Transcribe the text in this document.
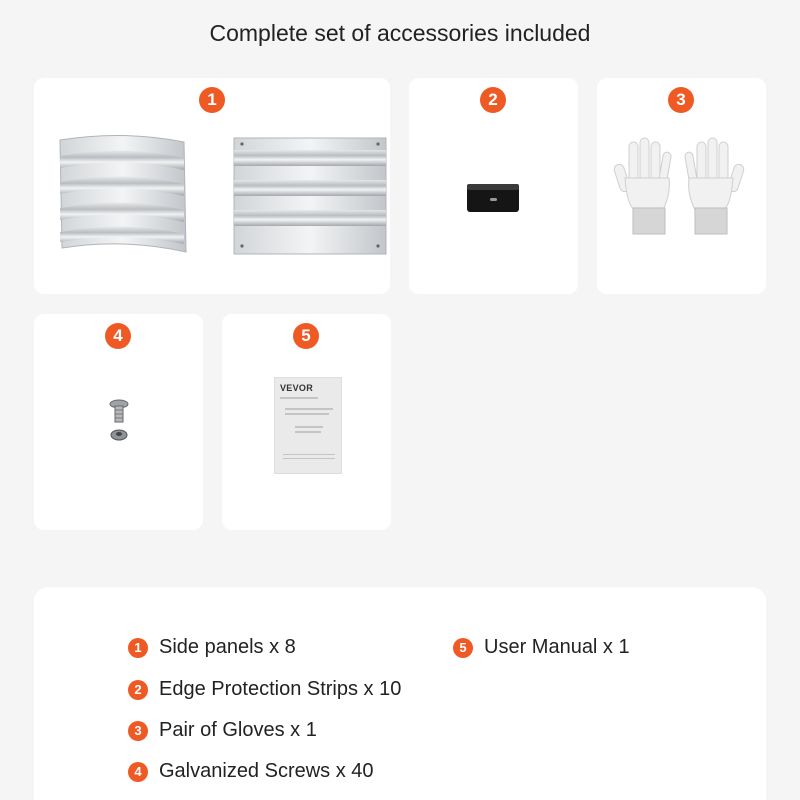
Complete set of accessories included
1	2	3
4	5
VEVOR
1 Side panels x 8
2 Edge Protection Strips x 10
3 Pair of Gloves x 1
4 Galvanized Screws x 40
5 User Manual x 1
